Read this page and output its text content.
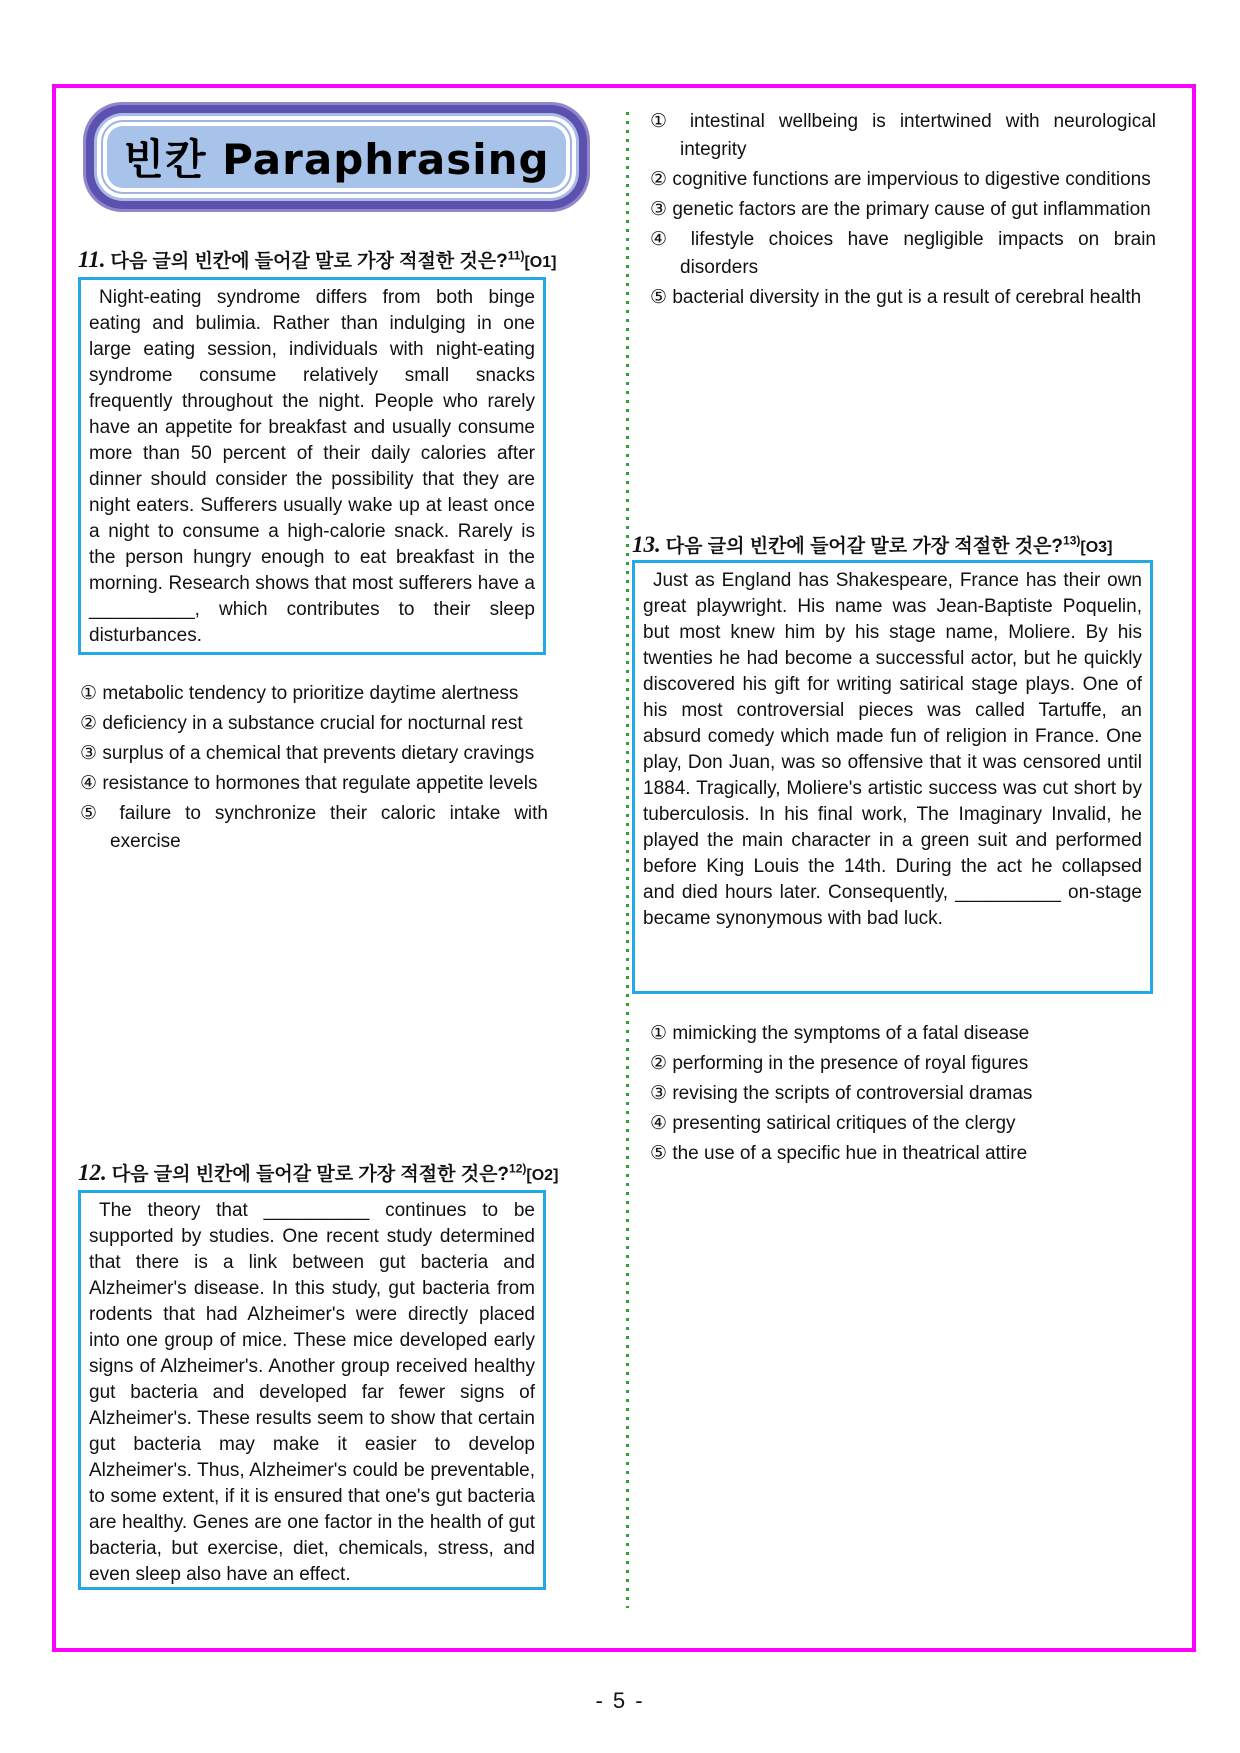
빈칸 Paraphrasing
11. 다음 글의 빈칸에 들어갈 말로 가장 적절한 것은?$^{11)}$[O1]

Night-eating syndrome differs from both binge eating and bulimia. Rather than indulging in one large eating session, individuals with night-eating syndrome consume relatively small snacks frequently throughout the night. People who rarely have an appetite for breakfast and usually consume more than 50 percent of their daily calories after dinner should consider the possibility that they are night eaters. Sufferers usually wake up at least once a night to consume a high-calorie snack. Rarely is the person hungry enough to eat breakfast in the morning. Research shows that most sufferers have a __________, which contributes to their sleep disturbances.

① metabolic tendency to prioritize daytime alertness
② deficiency in a substance crucial for nocturnal rest
③ surplus of a chemical that prevents dietary cravings
④ resistance to hormones that regulate appetite levels
⑤ failure to synchronize their caloric intake with exercise
12. 다음 글의 빈칸에 들어갈 말로 가장 적절한 것은?$^{12)}$[O2]

The theory that __________ continues to be supported by studies. One recent study determined that there is a link between gut bacteria and Alzheimer's disease. In this study, gut bacteria from rodents that had Alzheimer's were directly placed into one group of mice. These mice developed early signs of Alzheimer's. Another group received healthy gut bacteria and developed far fewer signs of Alzheimer's. These results seem to show that certain gut bacteria may make it easier to develop Alzheimer's. Thus, Alzheimer's could be preventable, to some extent, if it is ensured that one's gut bacteria are healthy. Genes are one factor in the health of gut bacteria, but exercise, diet, chemicals, stress, and even sleep also have an effect.

① intestinal wellbeing is intertwined with neurological integrity
② cognitive functions are impervious to digestive conditions
③ genetic factors are the primary cause of gut inflammation
④ lifestyle choices have negligible impacts on brain disorders
⑤ bacterial diversity in the gut is a result of cerebral health
13. 다음 글의 빈칸에 들어갈 말로 가장 적절한 것은?$^{13)}$[O3]

Just as England has Shakespeare, France has their own great playwright. His name was Jean-Baptiste Poquelin, but most knew him by his stage name, Moliere. By his twenties he had become a successful actor, but he quickly discovered his gift for writing satirical stage plays. One of his most controversial pieces was called Tartuffe, an absurd comedy which made fun of religion in France. One play, Don Juan, was so offensive that it was censored until 1884. Tragically, Moliere's artistic success was cut short by tuberculosis. In his final work, The Imaginary Invalid, he played the main character in a green suit and performed before King Louis the 14th. During the act he collapsed and died hours later. Consequently, __________ on-stage became synonymous with bad luck.

① mimicking the symptoms of a fatal disease
② performing in the presence of royal figures
③ revising the scripts of controversial dramas
④ presenting satirical critiques of the clergy
⑤ the use of a specific hue in theatrical attire
- 5 -
